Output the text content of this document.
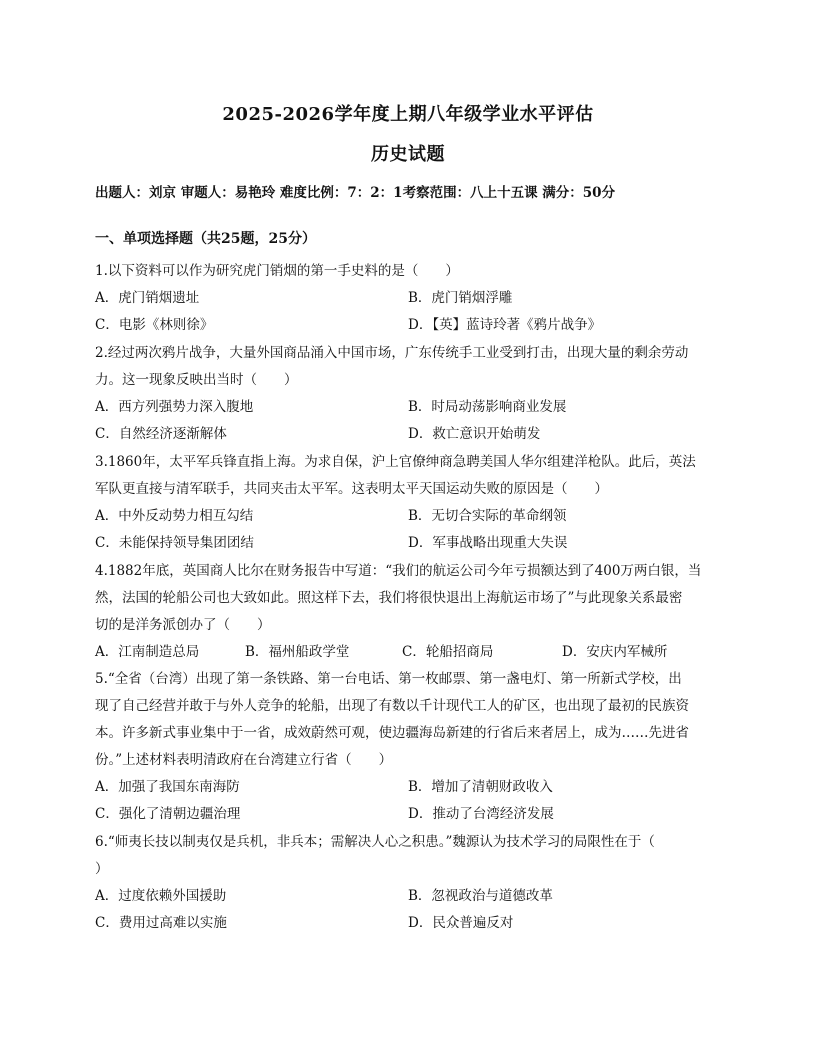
2025-2026学年度上期八年级学业水平评估
历史试题
出题人：刘京 审题人：易艳玲 难度比例：7：2：1考察范围：八上十五课 满分：50分
一、单项选择题（共25题，25分）
1.以下资料可以作为研究虎门销烟的第一手史料的是（　　）
A．虎门销烟遗址	B．虎门销烟浮雕
C．电影《林则徐》	D．【英】蓝诗玲著《鸦片战争》
2.经过两次鸦片战争，大量外国商品涌入中国市场，广东传统手工业受到打击，出现大量的剩余劳动
力。这一现象反映出当时（　　）
A．西方列强势力深入腹地	B．时局动荡影响商业发展
C．自然经济逐渐解体	D．救亡意识开始萌发
3.1860年，太平军兵锋直指上海。为求自保，沪上官僚绅商急聘美国人华尔组建洋枪队。此后，英法
军队更直接与清军联手，共同夹击太平军。这表明太平天国运动失败的原因是（　　）
A．中外反动势力相互勾结	B．无切合实际的革命纲领
C．未能保持领导集团团结	D．军事战略出现重大失误
4.1882年底，英国商人比尔在财务报告中写道：“我们的航运公司今年亏损额达到了400万两白银，当
然，法国的轮船公司也大致如此。照这样下去，我们将很快退出上海航运市场了”与此现象关系最密
切的是洋务派创办了（　　）
A．江南制造总局	B．福州船政学堂	C．轮船招商局	D．安庆内军械所
5.“全省（台湾）出现了第一条铁路、第一台电话、第一枚邮票、第一盏电灯、第一所新式学校，出
现了自己经营并敢于与外人竞争的轮船，出现了有数以千计现代工人的矿区，也出现了最初的民族资
本。许多新式事业集中于一省，成效蔚然可观，使边疆海岛新建的行省后来者居上，成为……先进省
份。”上述材料表明清政府在台湾建立行省（　　）
A．加强了我国东南海防	B．增加了清朝财政收入
C．强化了清朝边疆治理	D．推动了台湾经济发展
6.“师夷长技以制夷仅是兵机，非兵本；需解决人心之积患。”魏源认为技术学习的局限性在于（
）
A．过度依赖外国援助	B．忽视政治与道德改革
C．费用过高难以实施	D．民众普遍反对
